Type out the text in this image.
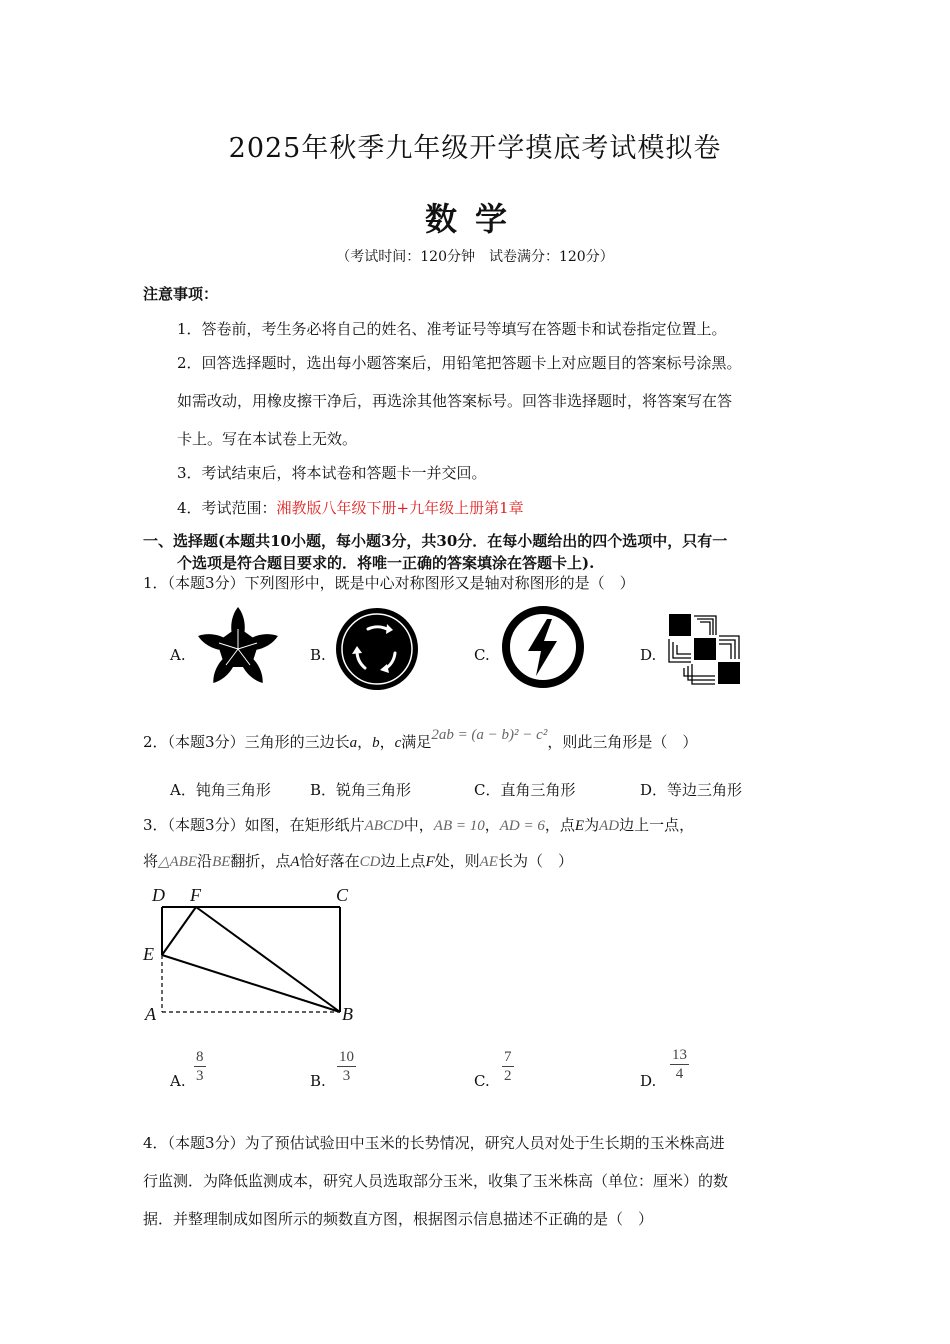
2025年秋季九年级开学摸底考试模拟卷
数学
（考试时间：120分钟　试卷满分：120分）
注意事项：
1．答卷前，考生务必将自己的姓名、准考证号等填写在答题卡和试卷指定位置上。
2．回答选择题时，选出每小题答案后，用铅笔把答题卡上对应题目的答案标号涂黑。
如需改动，用橡皮擦干净后，再选涂其他答案标号。回答非选择题时，将答案写在答
卡上。写在本试卷上无效。
3．考试结束后，将本试卷和答题卡一并交回。
4．考试范围：湘教版八年级下册+九年级上册第1章
一、选择题(本题共10小题，每小题3分，共30分．在每小题给出的四个选项中，只有一
个选项是符合题目要求的．将唯一正确的答案填涂在答题卡上).
1．（本题3分）下列图形中，既是中心对称图形又是轴对称图形的是（　）
A.	B.	C.	D.
2．（本题3分）三角形的三边长a，b，c满足2ab = (a − b)² − c²，则此三角形是（　）
A．钝角三角形	B．锐角三角形	C．直角三角形	D．等边三角形
3．（本题3分）如图，在矩形纸片ABCD中，AB = 10，AD = 6，点E为AD边上一点，
将△ABE沿BE翻折，点A恰好落在CD边上点F处，则AE长为（　）
D F	C
E
A	B
A. $\frac{8}{3}$	B. $\frac{10}{3}$	C. $\frac{7}{2}$	D. $\frac{13}{4}$
4．（本题3分）为了预估试验田中玉米的长势情况，研究人员对处于生长期的玉米株高进
行监测．为降低监测成本，研究人员选取部分玉米，收集了玉米株高（单位：厘米）的数
据．并整理制成如图所示的频数直方图，根据图示信息描述不正确的是（　）
